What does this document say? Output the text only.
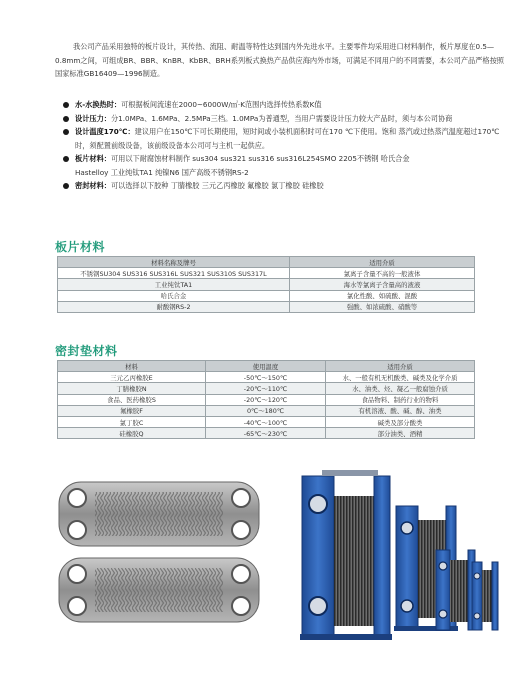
我公司产品采用独特的板片设计，其传热、流阻、耐温等特性达到国内外先进水平。主要零件均采用进口材料制作，板片厚度在0.5—0.8mm之间，可组成BR、BBR、KnBR、KbBR、BRH系列板式换热产品供应海内外市场，可满足不同用户的不同需要，本公司产品严格按照国家标准GB16409—1996制造。

水-水换热时：可根据板间流速在2000~6000W/㎡·K范围内选择传热系数K值
设计压力：分1.0MPa、1.6MPa、2.5MPa三档。1.0MPa为普通型，当用户需要设计压力较大产品时，须与本公司协商
设计温度170℃：建议用户在150℃下可长期使用，短时间或小装机面积时可在170 ℃下使用。饱和 蒸汽或过热蒸汽温度超过170℃时，须配置前级设备，该前级设备本公司可与主机一起供应。
板片材料：可用以下耐腐蚀材料制作 sus304 sus321 sus316 sus316L254SMO 2205不锈钢 哈氏合金
Hastelloy 工业纯钛TA1 纯镍N6 国产高级不锈钢RS-2
密封材料：可以选择以下胶种 丁腈橡胶 三元乙丙橡胶 氟橡胶 氯丁橡胶 硅橡胶
板片材料
材料名称及牌号	适用介质
不锈钢SU304 SUS316 SUS316L SUS321 SUS310S SUS317L	氯离子含量不高的一般液体
工业纯钛TA1	海水等氯离子含量高的液液
哈氏合金	氯化性酸、如硫酸、混酸
耐酸钢RS-2	强酸、如浓硫酸、硝酸等
密封垫材料
材料	使用温度	适用介质
三元乙丙橡胶E	-50℃～150℃	水、一般有机无机酸类、碱类及化学介质
丁腈橡胶N	-20℃～110℃	水、油类、烃、凝乙一般腐蚀介质
食品、医药橡胶S	-20℃～120℃	食品物料、制药行业的物料
氟橡胶F	0℃～180℃	有机溶液、酸、碱、醇、油类
氯丁胶C	-40℃～100℃	碱类及部分酸类
硅橡胶Q	-65℃～230℃	部分油类、酒精
